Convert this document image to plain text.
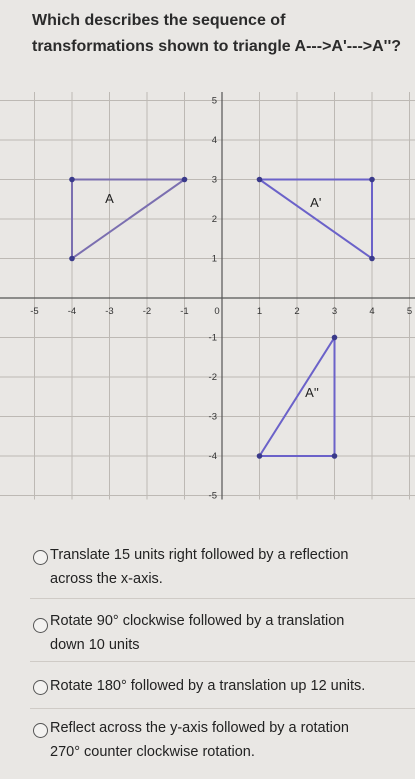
Which describes the sequence of transformations shown to triangle A--->A'--->A''?
-5	-4	-3	-2	-1	0	1	2	3	4	5
5
4
3
2
1
-1
-2
-3
-4
-5
A	A'
A''
Translate 15 units right followed by a reflection
across the x-axis.
Rotate 90° clockwise followed by a translation
down 10 units
Rotate 180° followed by a translation up 12 units.
Reflect across the y-axis followed by a rotation
270° counter clockwise rotation.
